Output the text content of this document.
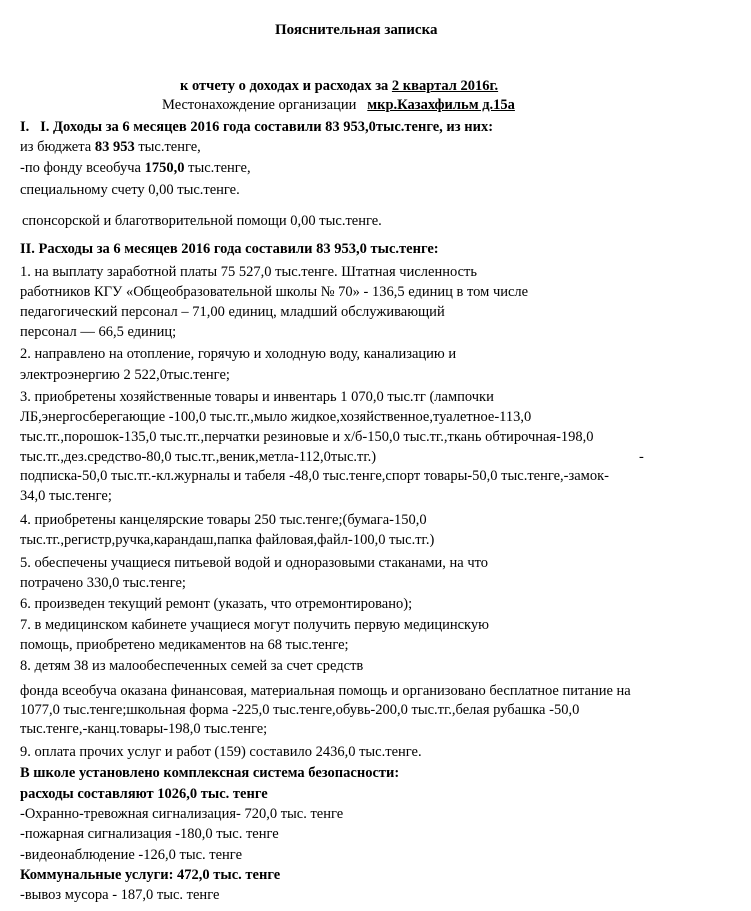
Пояснительная записка
к отчету о доходах и расходах за 2 квартал 2016г.
Местонахождение организации мкр.Казахфильм д.15а
I. I. Доходы за 6 месяцев 2016 года составили 83 953,0тыс.тенге, из них:
из бюджета 83 953 тыс.тенге,
-по фонду всеобуча 1750,0 тыс.тенге,
специальному счету 0,00 тыс.тенге.
спонсорской и благотворительной помощи 0,00 тыс.тенге.
II. Расходы за 6 месяцев 2016 года составили 83 953,0 тыс.тенге:
1. на выплату заработной платы 75 527,0 тыс.тенге. Штатная численность
работников КГУ «Общеобразовательной школы № 70» - 136,5 единиц в том числе
педагогический персонал – 71,00 единиц, младший обслуживающий
персонал — 66,5 единиц;
2. направлено на отопление, горячую и холодную воду, канализацию и
электроэнергию 2 522,0тыс.тенге;
3. приобретены хозяйственные товары и инвентарь 1 070,0 тыс.тг (лампочки
ЛБ,энергосберегающие -100,0 тыс.тг.,мыло жидкое,хозяйственное,туалетное-113,0
тыс.тг.,порошок-135,0 тыс.тг.,перчатки резиновые и х/б-150,0 тыс.тг.,ткань обтирочная-198,0
тыс.тг.,дез.средство-80,0 тыс.тг.,веник,метла-112,0тыс.тг.)	-
подписка-50,0 тыс.тг.-кл.журналы и табеля -48,0 тыс.тенге,спорт товары-50,0 тыс.тенге,-замок-
34,0 тыс.тенге;
4. приобретены канцелярские товары 250 тыс.тенге;(бумага-150,0
тыс.тг.,регистр,ручка,карандаш,папка файловая,файл-100,0 тыс.тг.)
5. обеспечены учащиеся питьевой водой и одноразовыми стаканами, на что
потрачено 330,0 тыс.тенге;
6. произведен текущий ремонт (указать, что отремонтировано);
7. в медицинском кабинете учащиеся могут получить первую медицинскую
помощь, приобретено медикаментов на 68 тыс.тенге;
8. детям 38 из малообеспеченных семей за счет средств
фонда всеобуча оказана финансовая, материальная помощь и организовано бесплатное питание на
1077,0 тыс.тенге;школьная форма -225,0 тыс.тенге,обувь-200,0 тыс.тг.,белая рубашка -50,0
тыс.тенге,-канц.товары-198,0 тыс.тенге;
9. оплата прочих услуг и работ (159) составило 2436,0 тыс.тенге.
В школе установлено комплексная система безопасности:
расходы составляют 1026,0 тыс. тенге
-Охранно-тревожная сигнализация- 720,0 тыс. тенге
-пожарная сигнализация -180,0 тыс. тенге
-видеонаблюдение -126,0 тыс. тенге
Коммунальные услуги: 472,0 тыс. тенге
-вывоз мусора - 187,0 тыс. тенге
